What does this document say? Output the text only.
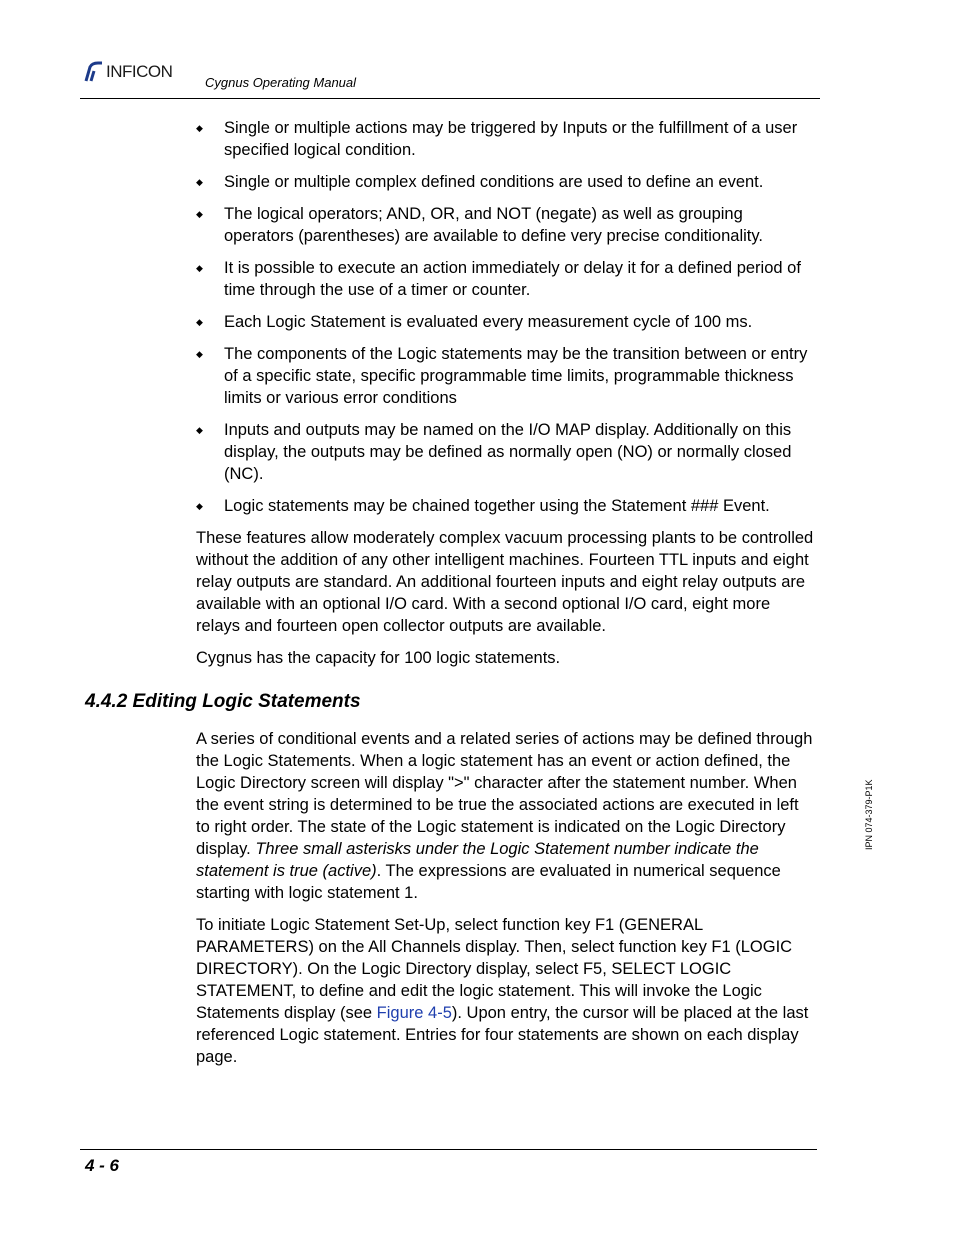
INFICON
Cygnus Operating Manual
◆ Single or multiple actions may be triggered by Inputs or the fulfillment of a user specified logical condition.
◆ Single or multiple complex defined conditions are used to define an event.
◆ The logical operators; AND, OR, and NOT (negate) as well as grouping operators (parentheses) are available to define very precise conditionality.
◆ It is possible to execute an action immediately or delay it for a defined period of time through the use of a timer or counter.
◆ Each Logic Statement is evaluated every measurement cycle of 100 ms.
◆ The components of the Logic statements may be the transition between or entry of a specific state, specific programmable time limits, programmable thickness limits or various error conditions
◆ Inputs and outputs may be named on the I/O MAP display. Additionally on this display, the outputs may be defined as normally open (NO) or normally closed (NC).
◆ Logic statements may be chained together using the Statement ### Event.

These features allow moderately complex vacuum processing plants to be controlled without the addition of any other intelligent machines. Fourteen TTL inputs and eight relay outputs are standard. An additional fourteen inputs and eight relay outputs are available with an optional I/O card. With a second optional I/O card, eight more relays and fourteen open collector outputs are available.

Cygnus has the capacity for 100 logic statements.

4.4.2 Editing Logic Statements

A series of conditional events and a related series of actions may be defined through the Logic Statements. When a logic statement has an event or action defined, the Logic Directory screen will display ">" character after the statement number. When the event string is determined to be true the associated actions are executed in left to right order. The state of the Logic statement is indicated on the Logic Directory display. Three small asterisks under the Logic Statement number indicate the statement is true (active). The expressions are evaluated in numerical sequence starting with logic statement 1.

To initiate Logic Statement Set-Up, select function key F1 (GENERAL PARAMETERS) on the All Channels display. Then, select function key F1 (LOGIC DIRECTORY). On the Logic Directory display, select F5, SELECT LOGIC STATEMENT, to define and edit the logic statement. This will invoke the Logic Statements display (see Figure 4-5). Upon entry, the cursor will be placed at the last referenced Logic statement. Entries for four statements are shown on each display page.

IPN 074-379-P1K
4 - 6
